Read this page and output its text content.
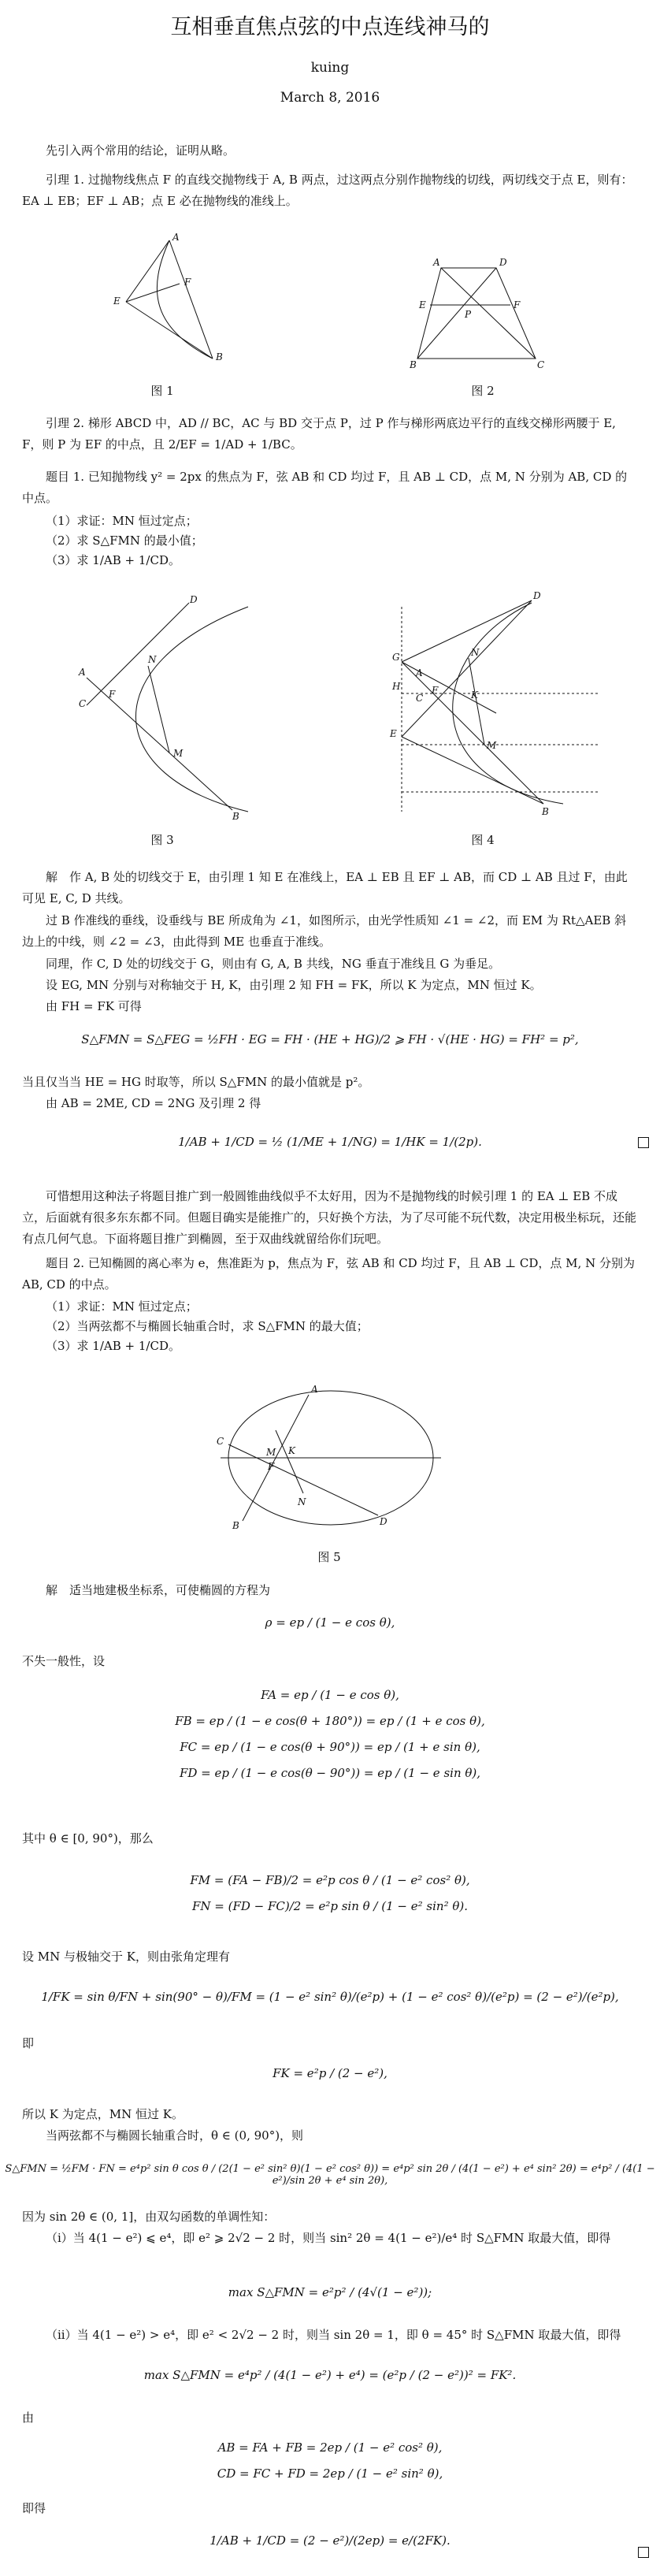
互相垂直焦点弦的中点连线神马的
kuing
March 8, 2016
先引入两个常用的结论，证明从略。
引理 1. 过抛物线焦点 F 的直线交抛物线于 A, B 两点，过这两点分别作抛物线的切线，两切线交于点 E，则有：EA ⊥ EB；EF ⊥ AB；点 E 必在抛物线的准线上。
A
E
F
B
图 1
A	D
E	F
P
B	C
图 2
引理 2. 梯形 ABCD 中，AD // BC，AC 与 BD 交于点 P，过 P 作与梯形两底边平行的直线交梯形两腰于 E, F，则 P 为 EF 的中点，且 2/EF = 1/AD + 1/BC。
题目 1. 已知抛物线 y² = 2px 的焦点为 F，弦 AB 和 CD 均过 F，且 AB ⊥ CD，点 M, N 分别为 AB, CD 的中点。
（1）求证：MN 恒过定点；
（2）求 S△FMN 的最小值；
（3）求 1/AB + 1/CD。
D
A
C
F
N
M
B
图 3
D
G
A
H	F
C
N
K
E
M
B
图 4
解　作 A, B 处的切线交于 E，由引理 1 知 E 在准线上，EA ⊥ EB 且 EF ⊥ AB，而 CD ⊥ AB 且过 F，由此可见 E, C, D 共线。
过 B 作准线的垂线，设垂线与 BE 所成角为 ∠1，如图所示，由光学性质知 ∠1 = ∠2，而 EM 为 Rt△AEB 斜边上的中线，则 ∠2 = ∠3，由此得到 ME 也垂直于准线。
同理，作 C, D 处的切线交于 G，则由有 G, A, B 共线，NG 垂直于准线且 G 为垂足。
设 EG, MN 分别与对称轴交于 H, K，由引理 2 知 FH = FK，所以 K 为定点，MN 恒过 K。
由 FH = FK 可得
S△FMN = S△FEG = ½FH · EG = FH · (HE + HG)/2 ⩾ FH · √(HE · HG) = FH² = p²,
当且仅当当 HE = HG 时取等，所以 S△FMN 的最小值就是 p²。
由 AB = 2ME, CD = 2NG 及引理 2 得
1/AB + 1/CD = ½ (1/ME + 1/NG) = 1/HK = 1/(2p).
可惜想用这种法子将题目推广到一般圆锥曲线似乎不太好用，因为不是抛物线的时候引理 1 的 EA ⊥ EB 不成立，后面就有很多东东都不同。但题目确实是能推广的，只好换个方法，为了尽可能不玩代数，决定用极坐标玩，还能有点几何气息。下面将题目推广到椭圆，至于双曲线就留给你们玩吧。
题目 2. 已知椭圆的离心率为 e，焦准距为 p，焦点为 F，弦 AB 和 CD 均过 F，且 AB ⊥ CD，点 M, N 分别为 AB, CD 的中点。
（1）求证：MN 恒过定点；
（2）当两弦都不与椭圆长轴重合时，求 S△FMN 的最大值；
（3）求 1/AB + 1/CD。
A
C
M K
F
N
B	D
图 5
解　适当地建极坐标系，可使椭圆的方程为
ρ = ep / (1 − e cos θ),
不失一般性，设
FA = ep / (1 − e cos θ),
FB = ep / (1 − e cos(θ + 180°)) = ep / (1 + e cos θ),
FC = ep / (1 − e cos(θ + 90°)) = ep / (1 + e sin θ),
FD = ep / (1 − e cos(θ − 90°)) = ep / (1 − e sin θ),
其中 θ ∈ [0, 90°)，那么
FM = (FA − FB)/2 = e²p cos θ / (1 − e² cos² θ),
FN = (FD − FC)/2 = e²p sin θ / (1 − e² sin² θ).
设 MN 与极轴交于 K，则由张角定理有
1/FK = sin θ/FN + sin(90° − θ)/FM = (1 − e² sin² θ)/(e²p) + (1 − e² cos² θ)/(e²p) = (2 − e²)/(e²p),
即
FK = e²p / (2 − e²),
所以 K 为定点，MN 恒过 K。
当两弦都不与椭圆长轴重合时，θ ∈ (0, 90°)，则
S△FMN = ½FM · FN = e⁴p² sin θ cos θ / (2(1 − e² sin² θ)(1 − e² cos² θ)) = e⁴p² sin 2θ / (4(1 − e²) + e⁴ sin² 2θ) = e⁴p² / (4(1 − e²)/sin 2θ + e⁴ sin 2θ),
因为 sin 2θ ∈ (0, 1]，由双勾函数的单调性知：
（i）当 4(1 − e²) ⩽ e⁴，即 e² ⩾ 2√2 − 2 时，则当 sin² 2θ = 4(1 − e²)/e⁴ 时 S△FMN 取最大值，即得
max S△FMN = e²p² / (4√(1 − e²));
（ii）当 4(1 − e²) > e⁴，即 e² < 2√2 − 2 时，则当 sin 2θ = 1，即 θ = 45° 时 S△FMN 取最大值，即得
max S△FMN = e⁴p² / (4(1 − e²) + e⁴) = (e²p / (2 − e²))² = FK².
由
AB = FA + FB = 2ep / (1 − e² cos² θ),
CD = FC + FD = 2ep / (1 − e² sin² θ),
即得
1/AB + 1/CD = (2 − e²)/(2ep) = e/(2FK).
